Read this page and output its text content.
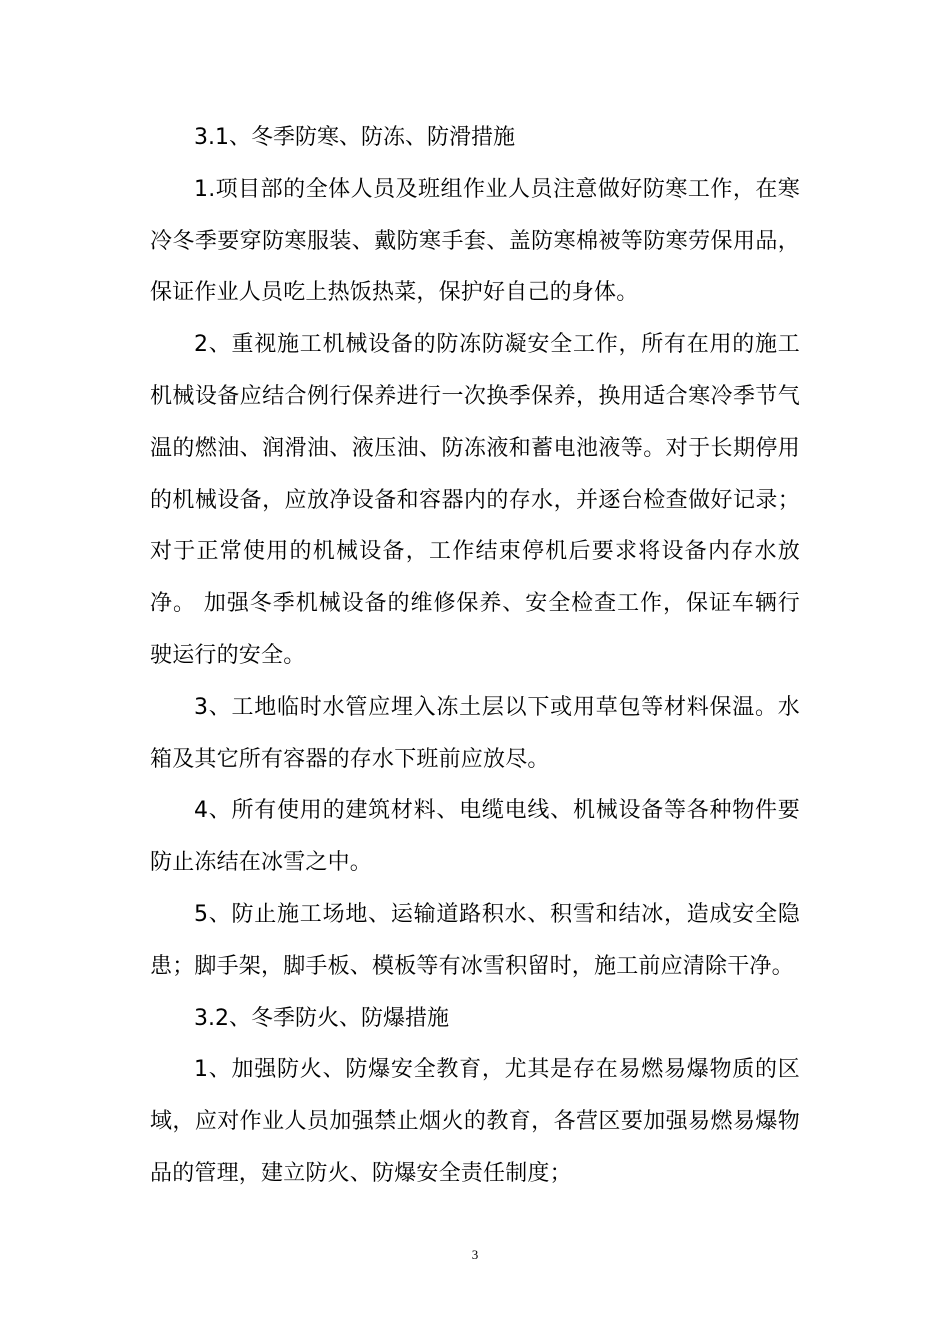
3.1、冬季防寒、防冻、防滑措施

1.项目部的全体人员及班组作业人员注意做好防寒工作，在寒冷冬季要穿防寒服装、戴防寒手套、盖防寒棉被等防寒劳保用品，保证作业人员吃上热饭热菜，保护好自己的身体。

2、重视施工机械设备的防冻防凝安全工作，所有在用的施工机械设备应结合例行保养进行一次换季保养，换用适合寒冷季节气温的燃油、润滑油、液压油、防冻液和蓄电池液等。对于长期停用的机械设备，应放净设备和容器内的存水，并逐台检查做好记录；对于正常使用的机械设备，工作结束停机后要求将设备内存水放净。 加强冬季机械设备的维修保养、安全检查工作，保证车辆行驶运行的安全。

3、工地临时水管应埋入冻土层以下或用草包等材料保温。水箱及其它所有容器的存水下班前应放尽。

4、所有使用的建筑材料、电缆电线、机械设备等各种物件要防止冻结在冰雪之中。

5、防止施工场地、运输道路积水、积雪和结冰，造成安全隐患；脚手架，脚手板、模板等有冰雪积留时，施工前应清除干净。

3.2、冬季防火、防爆措施

1、加强防火、防爆安全教育，尤其是存在易燃易爆物质的区域，应对作业人员加强禁止烟火的教育，各营区要加强易燃易爆物品的管理，建立防火、防爆安全责任制度；

3
